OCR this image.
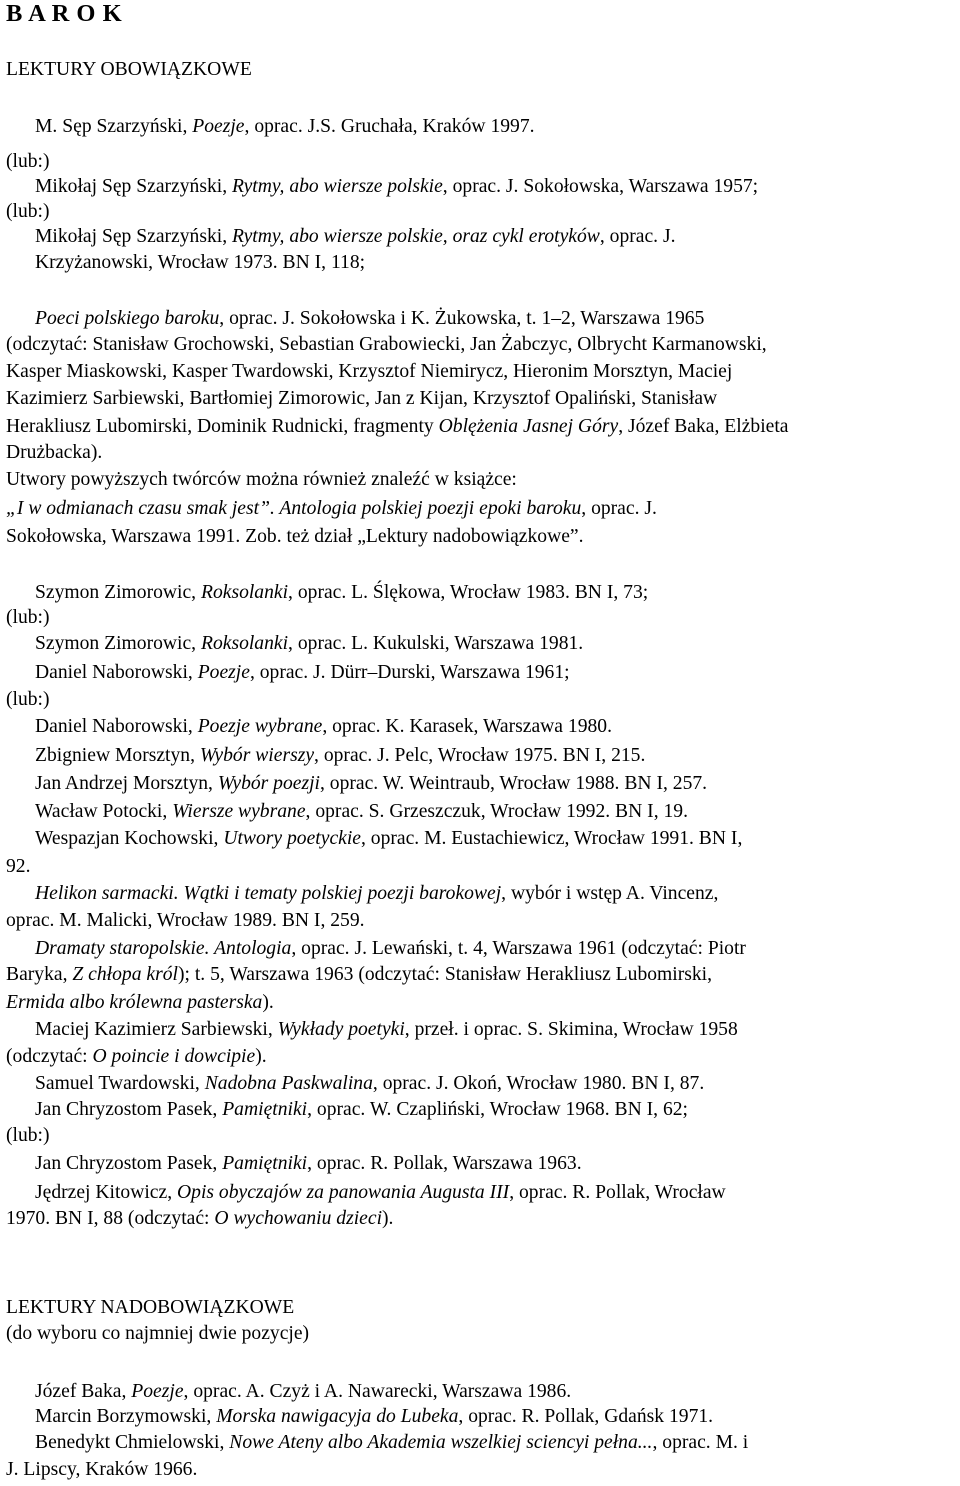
B A R O K
LEKTURY OBOWIĄZKOWE
M. Sęp Szarzyński, Poezje, oprac. J.S. Gruchała, Kraków 1997.
(lub:)
Mikołaj Sęp Szarzyński, Rytmy, abo wiersze polskie, oprac. J. Sokołowska, Warszawa 1957;
(lub:)
Mikołaj Sęp Szarzyński, Rytmy, abo wiersze polskie, oraz cykl erotyków, oprac. J.
Krzyżanowski, Wrocław 1973. BN I, 118;
Poeci polskiego baroku, oprac. J. Sokołowska i K. Żukowska, t. 1–2, Warszawa 1965
(odczytać: Stanisław Grochowski, Sebastian Grabowiecki, Jan Żabczyc, Olbrycht Karmanowski,
Kasper Miaskowski, Kasper Twardowski, Krzysztof Niemirycz, Hieronim Morsztyn, Maciej
Kazimierz Sarbiewski, Bartłomiej Zimorowic, Jan z Kijan, Krzysztof Opaliński, Stanisław
Herakliusz Lubomirski, Dominik Rudnicki, fragmenty Oblężenia Jasnej Góry, Józef Baka, Elżbieta
Drużbacka).
Utwory powyższych twórców można również znaleźć w książce:
„I w odmianach czasu smak jest”. Antologia polskiej poezji epoki baroku, oprac. J.
Sokołowska, Warszawa 1991. Zob. też dział „Lektury nadobowiązkowe”.
Szymon Zimorowic, Roksolanki, oprac. L. Ślękowa, Wrocław 1983. BN I, 73;
(lub:)
Szymon Zimorowic, Roksolanki, oprac. L. Kukulski, Warszawa 1981.
Daniel Naborowski, Poezje, oprac. J. Dürr–Durski, Warszawa 1961;
(lub:)
Daniel Naborowski, Poezje wybrane, oprac. K. Karasek, Warszawa 1980.
Zbigniew Morsztyn, Wybór wierszy, oprac. J. Pelc, Wrocław 1975. BN I, 215.
Jan Andrzej Morsztyn, Wybór poezji, oprac. W. Weintraub, Wrocław 1988. BN I, 257.
Wacław Potocki, Wiersze wybrane, oprac. S. Grzeszczuk, Wrocław 1992. BN I, 19.
Wespazjan Kochowski, Utwory poetyckie, oprac. M. Eustachiewicz, Wrocław 1991. BN I,
92.
Helikon sarmacki. Wątki i tematy polskiej poezji barokowej, wybór i wstęp A. Vincenz,
oprac. M. Malicki, Wrocław 1989. BN I, 259.
Dramaty staropolskie. Antologia, oprac. J. Lewański, t. 4, Warszawa 1961 (odczytać: Piotr
Baryka, Z chłopa król); t. 5, Warszawa 1963 (odczytać: Stanisław Herakliusz Lubomirski,
Ermida albo królewna pasterska).
Maciej Kazimierz Sarbiewski, Wykłady poetyki, przeł. i oprac. S. Skimina, Wrocław 1958
(odczytać: O poincie i dowcipie).
Samuel Twardowski, Nadobna Paskwalina, oprac. J. Okoń, Wrocław 1980. BN I, 87.
Jan Chryzostom Pasek, Pamiętniki, oprac. W. Czapliński, Wrocław 1968. BN I, 62;
(lub:)
Jan Chryzostom Pasek, Pamiętniki, oprac. R. Pollak, Warszawa 1963.
Jędrzej Kitowicz, Opis obyczajów za panowania Augusta III, oprac. R. Pollak, Wrocław
1970. BN I, 88 (odczytać: O wychowaniu dzieci).
LEKTURY NADOBOWIĄZKOWE
(do wyboru co najmniej dwie pozycje)
Józef Baka, Poezje, oprac. A. Czyż i A. Nawarecki, Warszawa 1986.
Marcin Borzymowski, Morska nawigacyja do Lubeka, oprac. R. Pollak, Gdańsk 1971.
Benedykt Chmielowski, Nowe Ateny albo Akademia wszelkiej sciencyi pełna..., oprac. M. i
J. Lipscy, Kraków 1966.
